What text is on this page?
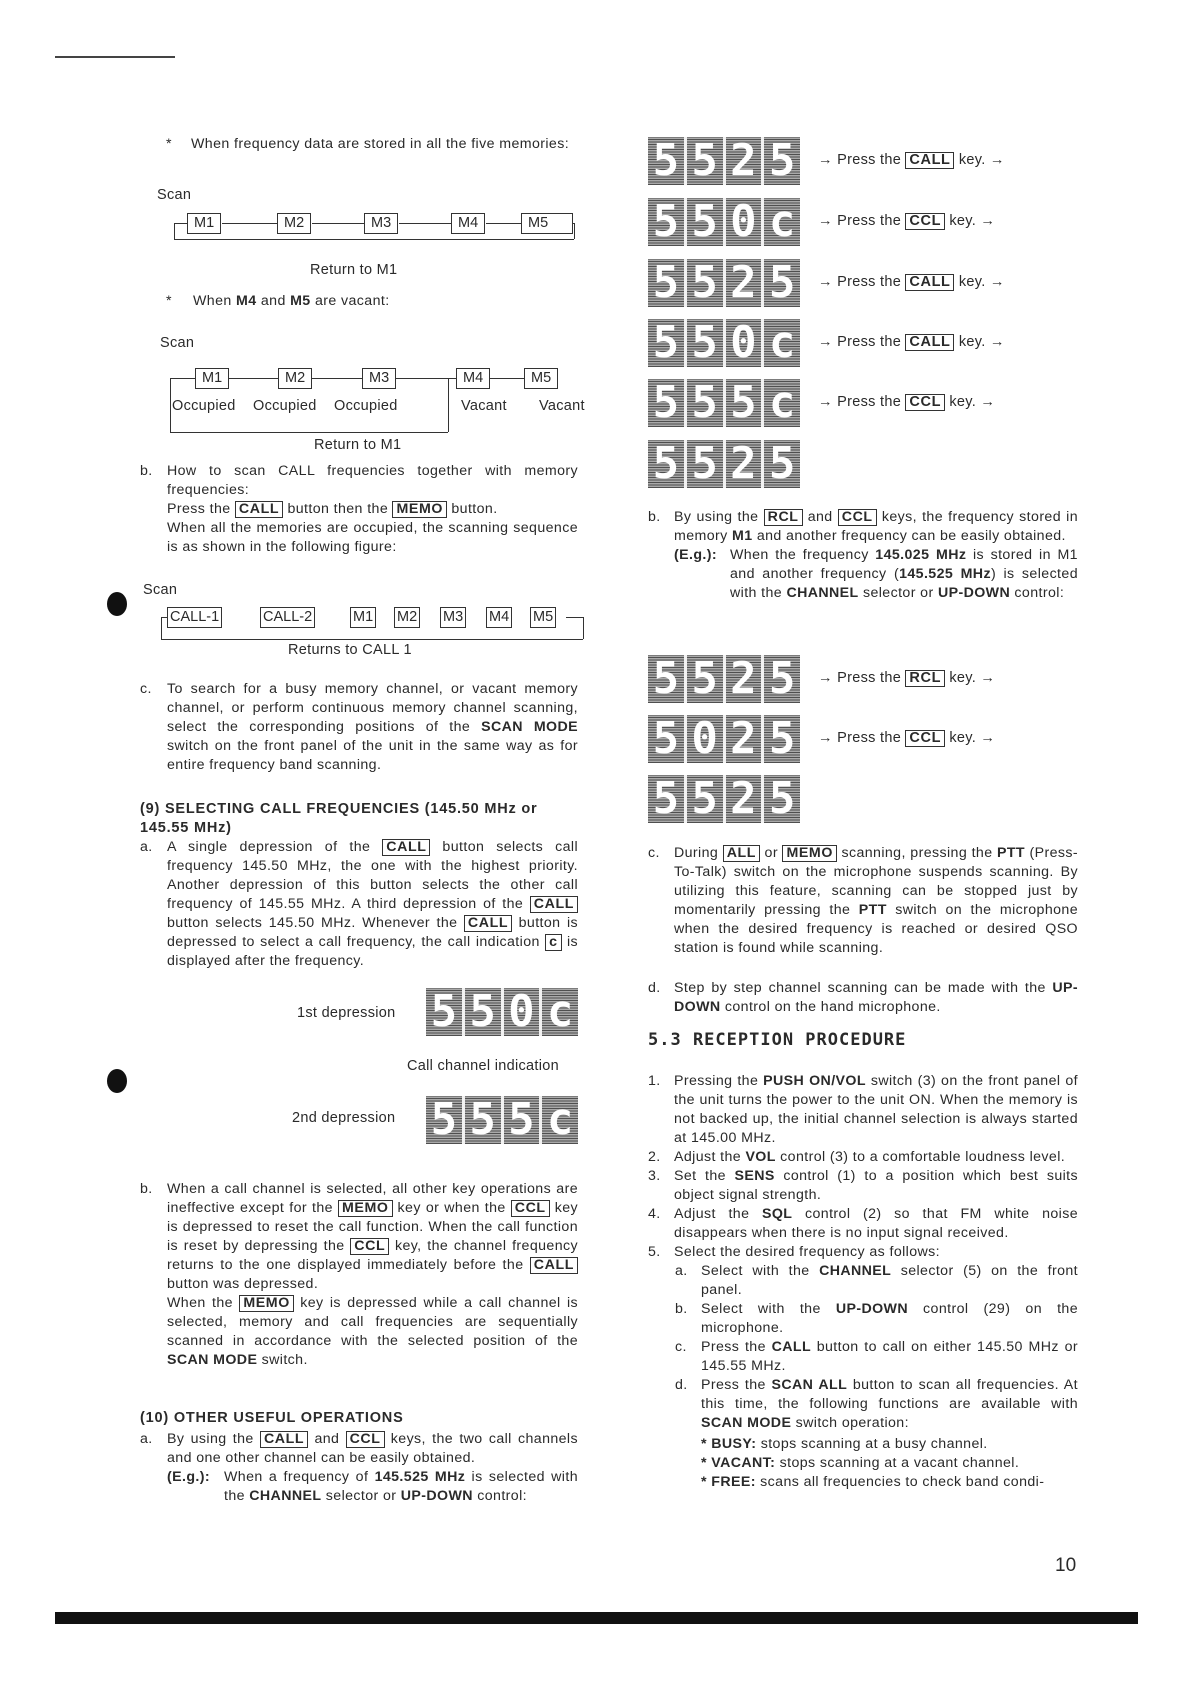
* When frequency data are stored in all the five memories:
Scan
M1	M2	M3	M4	M5
Return to M1
* When M4 and M5 are vacant:
Scan
M1	M2	M3	M4	M5
Occupied Occupied Occupied	Vacant Vacant
Return to M1
b. How to scan CALL frequencies together with memory frequencies:
Press the CALL button then the MEMO button.
When all the memories are occupied, the scanning sequence is as shown in the following figure:
Scan
CALL-1	CALL-2	M1 M2 M3 M4 M5
Returns to CALL 1
c. To search for a busy memory channel, or vacant memory channel, or perform continuous memory channel scanning, select the corresponding positions of the SCAN MODE switch on the front panel of the unit in the same way as for entire frequency band scanning.
(9) SELECTING CALL FREQUENCIES (145.50 MHz or 145.55 MHz)
a. A single depression of the CALL button selects call frequency 145.50 MHz, the one with the highest priority. Another depression of this button selects the other call frequency of 145.55 MHz. A third depression of the CALL button selects 145.50 MHz. Whenever the CALL button is depressed to select a call frequency, the call indication c is displayed after the frequency.
1st depression 5 5 0 c
Call channel indication
2nd depression 5 5 5 c
b. When a call channel is selected, all other key operations are ineffective except for the MEMO key or when the CCL key is depressed to reset the call function. When the call function is reset by depressing the CCL key, the channel frequency returns to the one displayed immediately before the CALL button was depressed.
When the MEMO key is depressed while a call channel is selected, memory and call frequencies are sequentially scanned in accordance with the selected position of the SCAN MODE switch.
(10) OTHER USEFUL OPERATIONS
a. By using the CALL and CCL keys, the two call channels and one other channel can be easily obtained.
(E.g.): When a frequency of 145.525 MHz is selected with the CHANNEL selector or UP-DOWN control:
5 5 2 5	→ Press the CALL key. →
5 5 0 c	→ Press the CCL key. →
5 5 2 5	→ Press the CALL key. →
5 5 0 c	→ Press the CALL key. →
5 5 5 c	→ Press the CCL key. →
5 5 2 5
b. By using the RCL and CCL keys, the frequency stored in memory M1 and another frequency can be easily obtained.
(E.g.): When the frequency 145.025 MHz is stored in M1 and another frequency (145.525 MHz) is selected with the CHANNEL selector or UP-DOWN control:
5 5 2 5	→ Press the RCL key. →
5 0 2 5	→ Press the CCL key. →
5 5 2 5
c. During ALL or MEMO scanning, pressing the PTT (Press-To-Talk) switch on the microphone suspends scanning. By utilizing this feature, scanning can be stopped just by momentarily pressing the PTT switch on the microphone when the desired frequency is reached or desired QSO station is found while scanning.
d. Step by step channel scanning can be made with the UP-DOWN control on the hand microphone.
5.3 RECEPTION PROCEDURE
1. Pressing the PUSH ON/VOL switch (3) on the front panel of the unit turns the power to the unit ON. When the memory is not backed up, the initial channel selection is always started at 145.00 MHz.
2. Adjust the VOL control (3) to a comfortable loudness level.
3. Set the SENS control (1) to a position which best suits object signal strength.
4. Adjust the SQL control (2) so that FM white noise disappears when there is no input signal received.
5. Select the desired frequency as follows:
a. Select with the CHANNEL selector (5) on the front panel.
b. Select with the UP-DOWN control (29) on the microphone.
c. Press the CALL button to call on either 145.50 MHz or 145.55 MHz.
d. Press the SCAN ALL button to scan all frequencies. At this time, the following functions are available with SCAN MODE switch operation:
* BUSY: stops scanning at a busy channel.
* VACANT: stops scanning at a vacant channel.
* FREE: scans all frequencies to check band condi-
10
